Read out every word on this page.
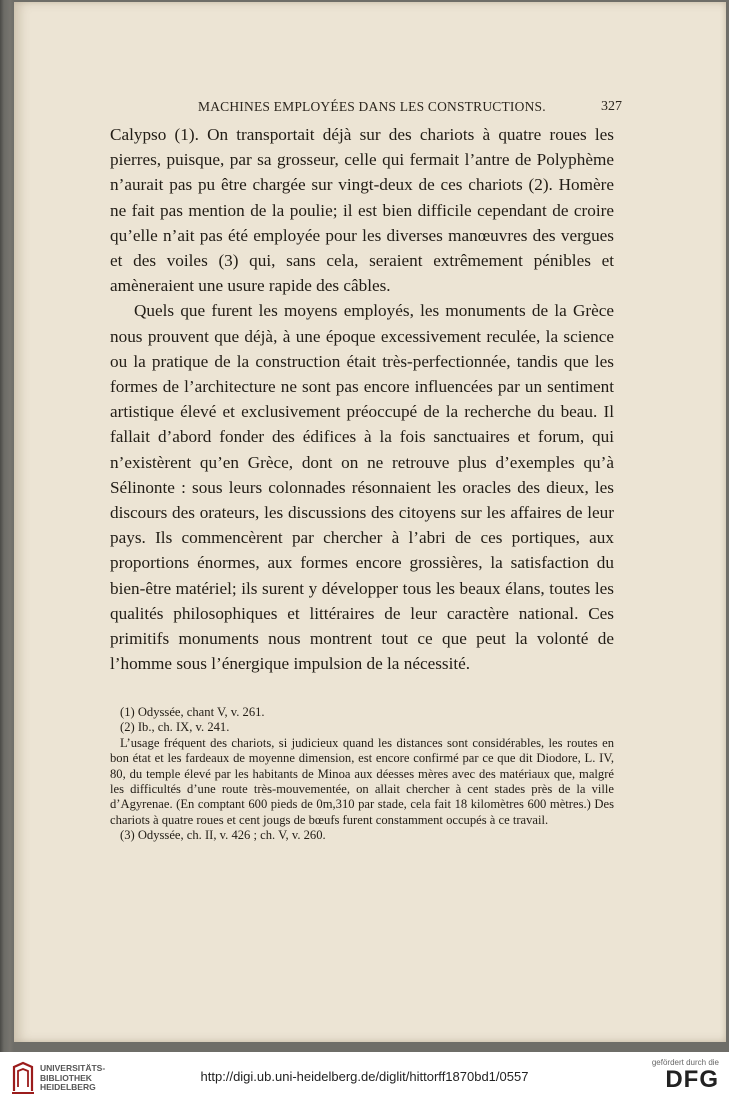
MACHINES EMPLOYÉES DANS LES CONSTRUCTIONS.	327

Calypso (1). On transportait déjà sur des chariots à quatre roues les pierres, puisque, par sa grosseur, celle qui fermait l’antre de Polyphème n’aurait pas pu être chargée sur vingt-deux de ces chariots (2). Homère ne fait pas mention de la poulie; il est bien difficile cependant de croire qu’elle n’ait pas été employée pour les diverses manœuvres des vergues et des voiles (3) qui, sans cela, seraient extrêmement pénibles et amèneraient une usure rapide des câbles.

Quels que furent les moyens employés, les monuments de la Grèce nous prouvent que déjà, à une époque excessivement reculée, la science ou la pratique de la construction était très-perfectionnée, tandis que les formes de l’architecture ne sont pas encore influencées par un sentiment artistique élevé et exclusivement préoccupé de la recherche du beau. Il fallait d’abord fonder des édifices à la fois sanctuaires et forum, qui n’existèrent qu’en Grèce, dont on ne retrouve plus d’exemples qu’à Sélinonte : sous leurs colonnades résonnaient les oracles des dieux, les discours des orateurs, les discussions des citoyens sur les affaires de leur pays. Ils commencèrent par chercher à l’abri de ces portiques, aux proportions énormes, aux formes encore grossières, la satisfaction du bien-être matériel; ils surent y développer tous les beaux élans, toutes les qualités philosophiques et littéraires de leur caractère national. Ces primitifs monuments nous montrent tout ce que peut la volonté de l’homme sous l’énergique impulsion de la nécessité.

(1) Odyssée, chant V, v. 261.

(2) Ib., ch. IX, v. 241.

L’usage fréquent des chariots, si judicieux quand les distances sont considérables, les routes en bon état et les fardeaux de moyenne dimension, est encore confirmé par ce que dit Diodore, L. IV, 80, du temple élevé par les habitants de Minoa aux déesses mères avec des matériaux que, malgré les difficultés d’une route très-mouvementée, on allait chercher à cent stades près de la ville d’Agyrenae. (En comptant 600 pieds de 0m,310 par stade, cela fait 18 kilomètres 600 mètres.) Des chariots à quatre roues et cent jougs de bœufs furent constamment occupés à ce travail.

(3) Odyssée, ch. II, v. 426 ; ch. V, v. 260.

UNIVERSITÄTS-
BIBLIOTHEK
HEIDELBERG
http://digi.ub.uni-heidelberg.de/diglit/hittorff1870bd1/0557
gefördert durch die
DFG
